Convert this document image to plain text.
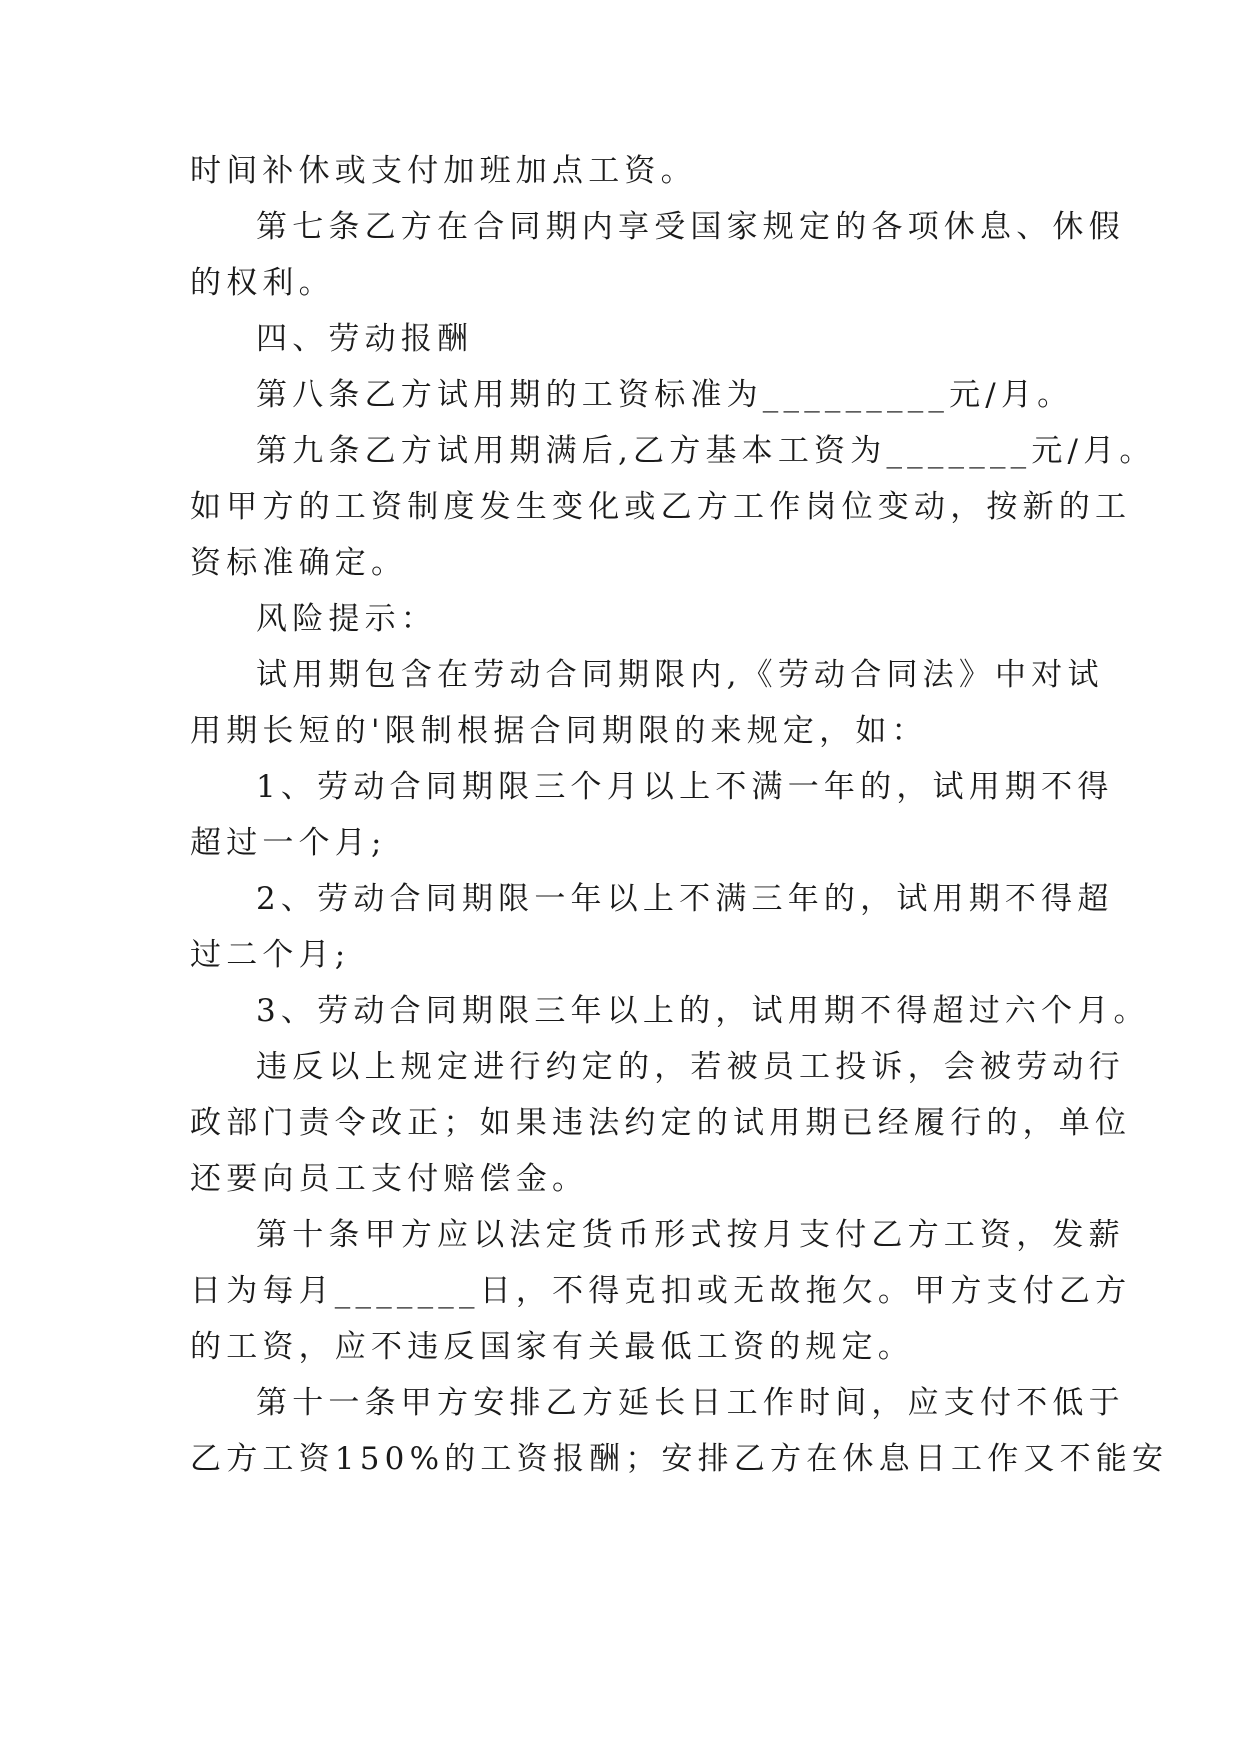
时间补休或支付加班加点工资。
第七条乙方在合同期内享受国家规定的各项休息、休假
的权利。
四、劳动报酬
第八条乙方试用期的工资标准为_________元/月。
第九条乙方试用期满后,乙方基本工资为_______元/月。
如甲方的工资制度发生变化或乙方工作岗位变动，按新的工
资标准确定。
风险提示：
试用期包含在劳动合同期限内,《劳动合同法》中对试
用期长短的'限制根据合同期限的来规定，如：
1、劳动合同期限三个月以上不满一年的，试用期不得
超过一个月;
2、劳动合同期限一年以上不满三年的，试用期不得超
过二个月;
3、劳动合同期限三年以上的，试用期不得超过六个月。
违反以上规定进行约定的，若被员工投诉，会被劳动行
政部门责令改正；如果违法约定的试用期已经履行的，单位
还要向员工支付赔偿金。
第十条甲方应以法定货币形式按月支付乙方工资，发薪
日为每月_______日，不得克扣或无故拖欠。甲方支付乙方
的工资，应不违反国家有关最低工资的规定。
第十一条甲方安排乙方延长日工作时间，应支付不低于
乙方工资150%的工资报酬；安排乙方在休息日工作又不能安
